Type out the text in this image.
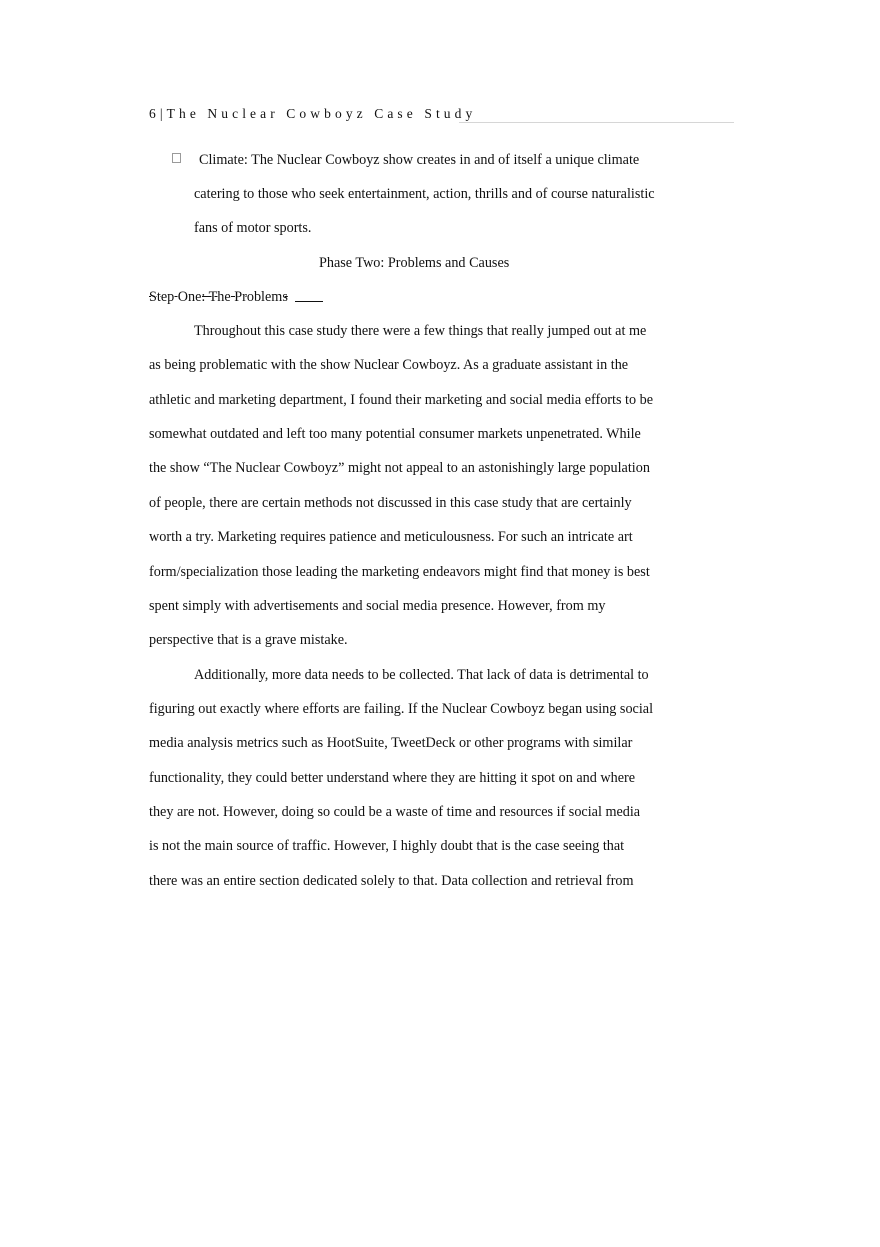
6|The Nuclear Cowboyz Case Study
Climate: The Nuclear Cowboyz show creates in and of itself a unique climate
catering to those who seek entertainment, action, thrills and of course naturalistic
fans of motor sports.
Phase Two: Problems and Causes
Step One: The Problems
Throughout this case study there were a few things that really jumped out at me
as being problematic with the show Nuclear Cowboyz. As a graduate assistant in the
athletic and marketing department, I found their marketing and social media efforts to be
somewhat outdated and left too many potential consumer markets unpenetrated. While
the show “The Nuclear Cowboyz” might not appeal to an astonishingly large population
of people, there are certain methods not discussed in this case study that are certainly
worth a try. Marketing requires patience and meticulousness. For such an intricate art
form/specialization those leading the marketing endeavors might find that money is best
spent simply with advertisements and social media presence. However, from my
perspective that is a grave mistake.
Additionally, more data needs to be collected. That lack of data is detrimental to
figuring out exactly where efforts are failing. If the Nuclear Cowboyz began using social
media analysis metrics such as HootSuite, TweetDeck or other programs with similar
functionality, they could better understand where they are hitting it spot on and where
they are not. However, doing so could be a waste of time and resources if social media
is not the main source of traffic. However, I highly doubt that is the case seeing that
there was an entire section dedicated solely to that. Data collection and retrieval from
